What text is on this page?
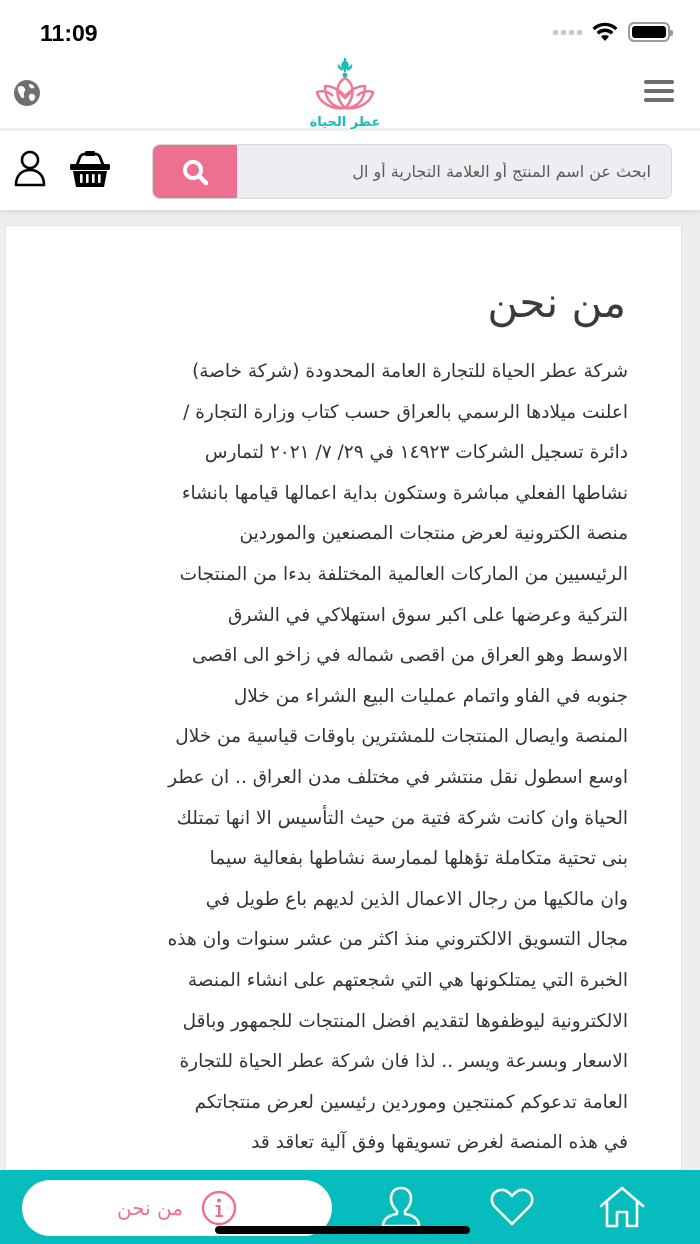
11:09
عطر الحياة
ابحث عن اسم المنتج أو العلامة التجارية أو ال
من نحن
شركة عطر الحياة للتجارة العامة المحدودة (شركة خاصة)
اعلنت ميلادها الرسمي بالعراق حسب كتاب وزارة التجارة /
دائرة تسجيل الشركات ١٤٩٢٣ في ٢٩/ ٧/ ٢٠٢١ لتمارس
نشاطها الفعلي مباشرة وستكون بداية اعمالها قيامها بانشاء
منصة الكترونية لعرض منتجات المصنعين والموردين
الرئيسيين من الماركات العالمية المختلفة بدءا من المنتجات
التركية وعرضها على اكبر سوق استهلاكي في الشرق
الاوسط وهو العراق من اقصى شماله في زاخو الى اقصى
جنوبه في الفاو واتمام عمليات البيع الشراء من خلال
المنصة وايصال المنتجات للمشترين باوقات قياسية من خلال
اوسع اسطول نقل منتشر في مختلف مدن العراق .. ان عطر
الحياة وان كانت شركة فتية من حيث التأسيس الا انها تمتلك
بنى تحتية متكاملة تؤهلها لممارسة نشاطها بفعالية سيما
وان مالكيها من رجال الاعمال الذين لديهم باع طويل في
مجال التسويق الالكتروني منذ اكثر من عشر سنوات وان هذه
الخبرة التي يمتلكونها هي التي شجعتهم على انشاء المنصة
الالكترونية ليوظفوها لتقديم افضل المنتجات للجمهور وباقل
الاسعار وبسرعة ويسر .. لذا فان شركة عطر الحياة للتجارة
العامة تدعوكم كمنتجين وموردين رئيسين لعرض منتجاتكم
في هذه المنصة لغرض تسويقها وفق آلية تعاقد قد
من نحن
